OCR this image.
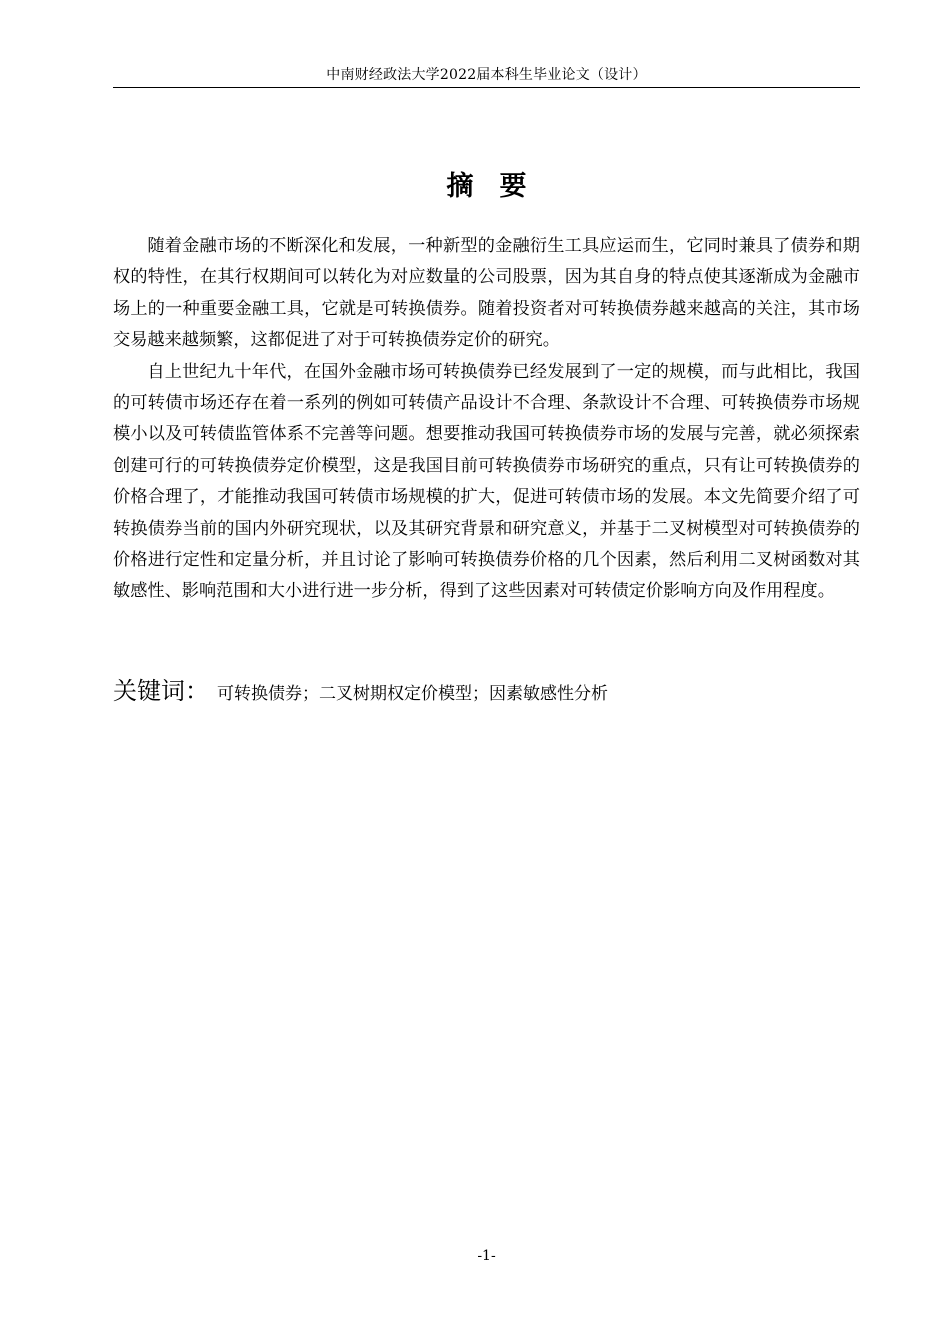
中南财经政法大学2022届本科生毕业论文（设计）
摘要

随着金融市场的不断深化和发展，一种新型的金融衍生工具应运而生，它同时兼具了债券和期权的特性，在其行权期间可以转化为对应数量的公司股票，因为其自身的特点使其逐渐成为金融市场上的一种重要金融工具，它就是可转换债券。随着投资者对可转换债券越来越高的关注，其市场交易越来越频繁，这都促进了对于可转换债券定价的研究。

自上世纪九十年代，在国外金融市场可转换债券已经发展到了一定的规模，而与此相比，我国的可转债市场还存在着一系列的例如可转债产品设计不合理、条款设计不合理、可转换债券市场规模小以及可转债监管体系不完善等问题。想要推动我国可转换债券市场的发展与完善，就必须探索创建可行的可转换债券定价模型，这是我国目前可转换债券市场研究的重点，只有让可转换债券的价格合理了，才能推动我国可转债市场规模的扩大，促进可转债市场的发展。本文先简要介绍了可转换债券当前的国内外研究现状，以及其研究背景和研究意义，并基于二叉树模型对可转换债券的价格进行定性和定量分析，并且讨论了影响可转换债券价格的几个因素，然后利用二叉树函数对其敏感性、影响范围和大小进行进一步分析，得到了这些因素对可转债定价影响方向及作用程度。

关键词： 可转换债券；二叉树期权定价模型；因素敏感性分析
-1-
